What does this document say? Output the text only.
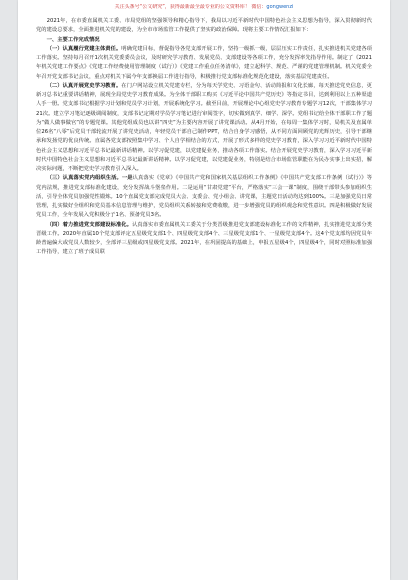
关注头条号“公文研究”，获得最新最全最专业的公文资料库！ 微信：gongwenzi

2021年，在市委直属机关工委、市局党组的坚强领导和精心指导下，我局以习近平新时代中国特色社会主义思想为指导，深入贯彻新时代党的建设总要求，全面推进机关党的建设，为全市市场监管工作提供了坚实的政治保障。现将主要工作情况汇报如下：

一、主要工作完成情况

（一）认真履行党建主体责任。明确党建目标，督促指导各党支部开展工作，坚持一级抓一级，层层压实工作责任，扎实推进机关党建各项工作落实。坚持每月召开1次机关党委委员会议，及时研究学习教育、发展党员、支部建设等各项工作，充分发挥率先指导作用。制定了《2021年机关党建工作要点》《党建工作经费使用管理制度（试行）》《党建工作重点任务清单》，建立起科学、规范、严谨的党建管理机制。机关党委全年召开党支部书记会议，重点对机关下属今年支部换届工作进行指导，积极推行党支部标准化规范化建设，落实基层党建责任。

（二）认真开展党史学习教育。在门户网站设立机关党建专栏，分为每天学党史、习语金句、活动简报和文化长廊，每天推送党史信息，更新习总书记重要讲话精神，展现全局党史学习教育成果。为全体干部职工购买《习近平论中国共产党历史》等指定书目，达到利用以上五种渠道人手一册。党支部书记根据学习计划和党员学习计划，开展系统化学习。截至目前，开展理论中心组党史学习教育专题学习12次，干部集体学习21次。建立学习笔记逐级调阅制度，支部书记定期对学员学习笔记进行审阅签字，切实做到真学、细学、深学。党组书记给全体干部职工作了题为“做人做事做官”的专题党课。其他党组成员也以讲“四史”为主要内容开展了讲党课活动。从4月开始，在每周一集体学习时，局机关及直属单位26名“八零”后党员干部轮流开展了讲党史活动，年轻党员干部自己制作PPT，结合自身学习感悟，从不同方面回顾党的光辉历史，引导干部继承和发扬党的优良传统。直属各党支部按照集中学习、个人自学相结合的方式，开展了形式多样的党史学习教育，深入学习习近平新时代中国特色社会主义思想和习近平总书记最新讲话精神。以学习促党建，以党建促业务，推动各项工作落实。结合开展党史学习教育，深入学习习近平新时代中国特色社会主义思想和习近平总书记最新讲话精神。以学习促党建，以党建促业务，特别是结合市场监管职能在为民办实事上出实招，解决实际问题，不断把党史学习教育引入深入。

（三）认真落实党内组织生活。一是认真落实《党章》《中国共产党和国家机关基层组织工作条例》《中国共产党支部工作条例（试行）》等党内法规，推进党支部标准化建设，充分发挥战斗堡垒作用。二是运用“甘肃党建”平台，严格落实“三会一课”制度，围绕干部带头参加组织生活，引导全体党员加强党性锻炼。10个直属党支部完成党员大会、支委会、党小组会、讲党课，主题党日活动均达到100%。三是加强党员日常管理，扎实做好全组织和党员基本信息管理与维护，党员组织关系转接和党费收缴，进一步增强党员的组织观念和党性意识。四是积极做好发展党员工作，全年发展入党积极分子1名、预备党员3名。

（四）着力推进党支部建设标准化。认真落实市委直属机关工委关于分类晋级推进党支部建设标准化工作的文件精神，扎实推进党支部分类晋级工作。2020年直属10个党支部评定五星级党支部1个、四星级党支部4个、三星级党支部1个、一星级党支部4个。这4个党支部均因党员年龄普遍偏大或党员人数较少，全部评三星级或四星级党支部。2021年，在巩固提高的基础上，申报五星级4个，四星级4个，同时对照标准加强工作指导，建立了班子成员联
